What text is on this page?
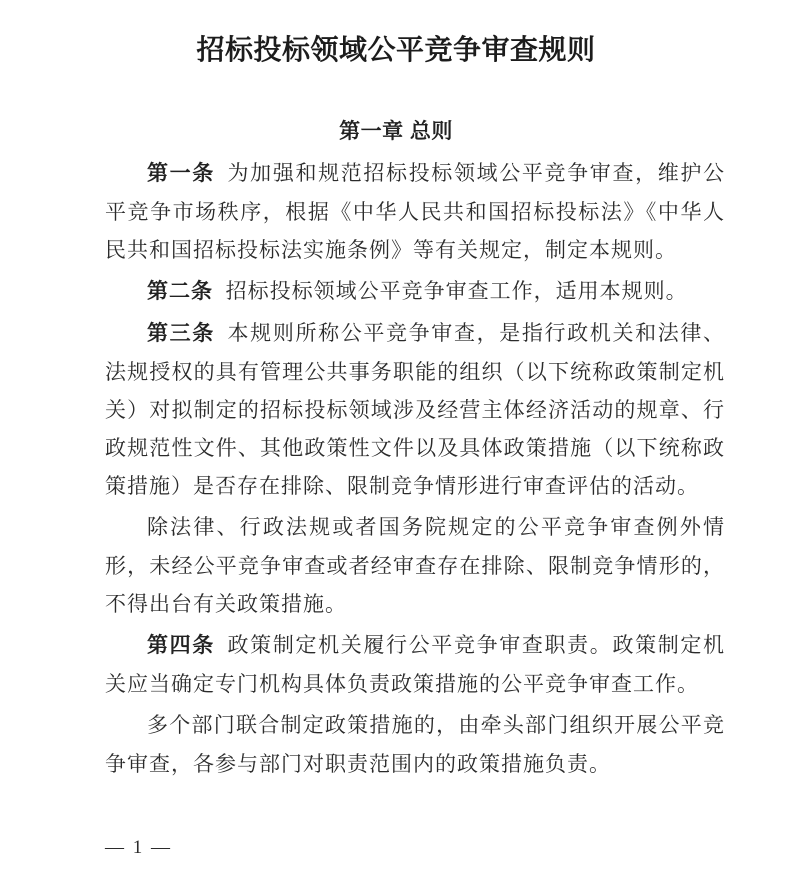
招标投标领域公平竞争审查规则
第一章 总则

第一条 为加强和规范招标投标领域公平竞争审查，维护公平竞争市场秩序，根据《中华人民共和国招标投标法》《中华人民共和国招标投标法实施条例》等有关规定，制定本规则。

第二条 招标投标领域公平竞争审查工作，适用本规则。

第三条 本规则所称公平竞争审查，是指行政机关和法律、法规授权的具有管理公共事务职能的组织（以下统称政策制定机关）对拟制定的招标投标领域涉及经营主体经济活动的规章、行政规范性文件、其他政策性文件以及具体政策措施（以下统称政策措施）是否存在排除、限制竞争情形进行审查评估的活动。

除法律、行政法规或者国务院规定的公平竞争审查例外情形，未经公平竞争审查或者经审查存在排除、限制竞争情形的，不得出台有关政策措施。

第四条 政策制定机关履行公平竞争审查职责。政策制定机关应当确定专门机构具体负责政策措施的公平竞争审查工作。

多个部门联合制定政策措施的，由牵头部门组织开展公平竞争审查，各参与部门对职责范围内的政策措施负责。

— 1 —
